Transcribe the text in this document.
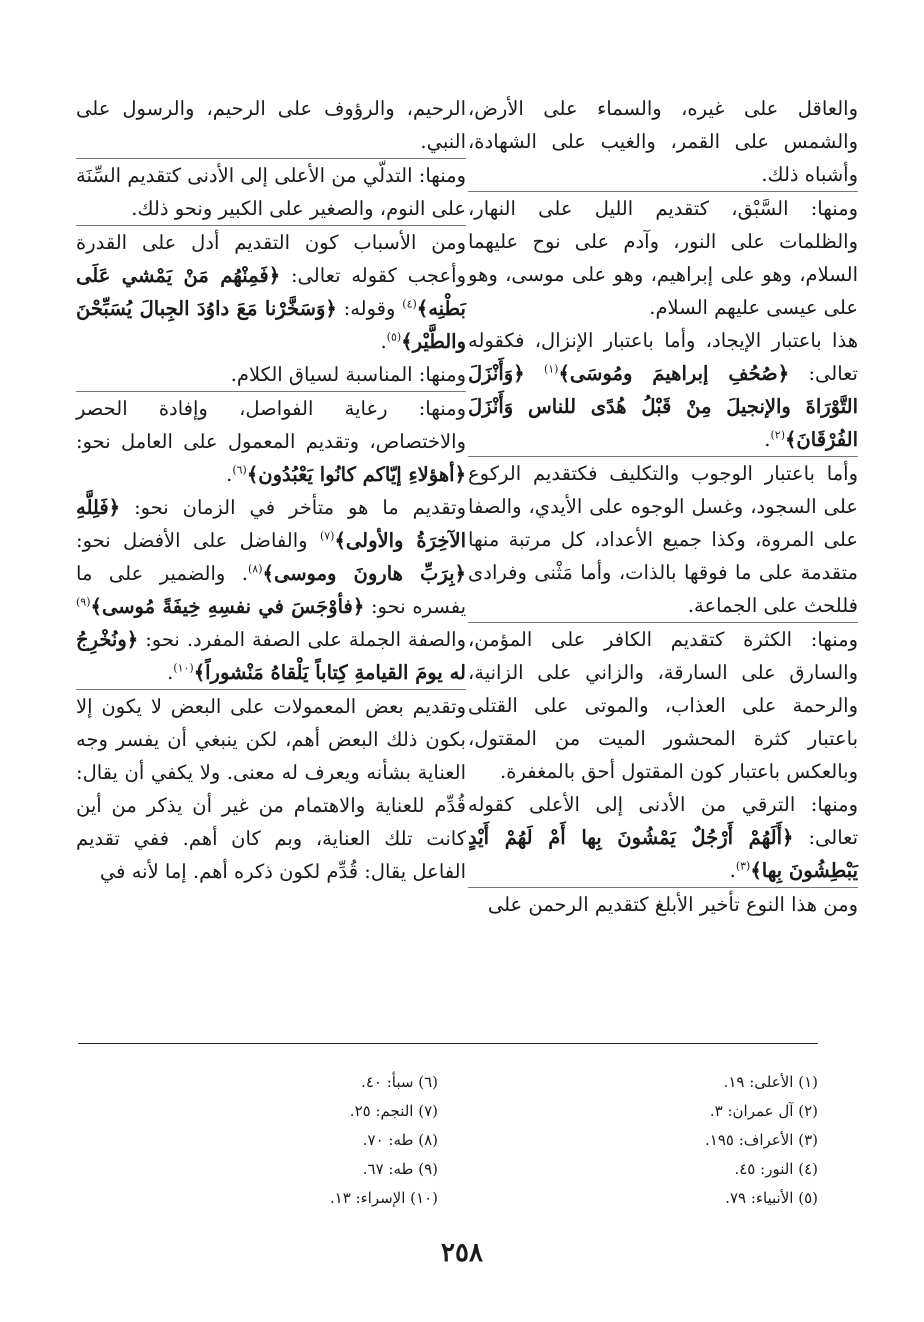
والعاقل على غيره، والسماء على الأرض، والشمس على القمر، والغيب على الشهادة، وأشباه ذلك.

ومنها: السَّبْق، كتقديم الليل على النهار، والظلمات على النور، وآدم على نوح عليهما السلام، وهو على إبراهيم، وهو على موسى، وهو على عيسى عليهم السلام.

هذا باعتبار الإيجاد، وأما باعتبار الإنزال، فكقوله تعالى: ﴿صُحُفِ إبراهيمَ ومُوسَى﴾$^{(١)}$ ﴿وَأَنْزَلَ التَّوْرَاةَ والإنجيلَ مِنْ قَبْلُ هُدًى للناس وَأَنْزَلَ الفُرْقَانَ﴾$^{(٢)}$.

وأما باعتبار الوجوب والتكليف فكتقديم الركوع على السجود، وغسل الوجوه على الأيدي، والصفا على المروة، وكذا جميع الأعداد، كل مرتبة منها متقدمة على ما فوقها بالذات، وأما مَثْنى وفرادى فللحث على الجماعة.

ومنها: الكثرة كتقديم الكافر على المؤمن، والسارق على السارقة، والزاني على الزانية، والرحمة على العذاب، والموتى على القتلى باعتبار كثرة المحشور الميت من المقتول، وبالعكس باعتبار كون المقتول أحق بالمغفرة.

ومنها: الترقي من الأدنى إلى الأعلى كقوله تعالى: ﴿أَلَهُمْ أَرْجُلٌ يَمْشُونَ بِها أَمْ لَهُمْ أَيْدٍ يَبْطِشُونَ بِها﴾$^{(٣)}$.

ومن هذا النوع تأخير الأبلغ كتقديم الرحمن على

الرحيم، والرؤوف على الرحيم، والرسول على النبي.

ومنها: التدلّي من الأعلى إلى الأدنى كتقديم السِّنَة على النوم، والصغير على الكبير ونحو ذلك.

ومن الأسباب كون التقديم أدل على القدرة وأعجب كقوله تعالى: ﴿فَمِنْهُم مَنْ يَمْشي عَلَى بَطْنِه﴾$^{(٤)}$ وقوله: ﴿وَسَخَّرْنا مَعَ داوُدَ الجِبالَ يُسَبِّحْنَ والطَّيْر﴾$^{(٥)}$.

ومنها: المناسبة لسياق الكلام.

ومنها: رعاية الفواصل، وإفادة الحصر والاختصاص، وتقديم المعمول على العامل نحو: ﴿أهؤلاءِ إيّاكم كانُوا يَعْبُدُون﴾$^{(٦)}$.

وتقديم ما هو متأخر في الزمان نحو: ﴿فَلِلَّهِ الآخِرَةُ والأولى﴾$^{(٧)}$ والفاضل على الأفضل نحو: ﴿بِرَبِّ هارونَ وموسى﴾$^{(٨)}$. والضمير على ما يفسره نحو: ﴿فأوْجَسَ في نفسِهِ خِيفَةً مُوسى﴾$^{(٩)}$ والصفة الجملة على الصفة المفرد. نحو: ﴿ونُخْرِجُ له يومَ القيامةِ كِتاباً يَلْقاهُ مَنْشوراً﴾$^{(١٠)}$.

وتقديم بعض المعمولات على البعض لا يكون إلا بكون ذلك البعض أهم، لكن ينبغي أن يفسر وجه العناية بشأنه ويعرف له معنى. ولا يكفي أن يقال: قُدِّم للعناية والاهتمام من غير أن يذكر من أين كانت تلك العناية، وبم كان أهم. ففي تقديم الفاعل يقال: قُدِّم لكون ذكره أهم. إما لأنه في

(١) الأعلى: ١٩.
(٢) آل عمران: ٣.
(٣) الأعراف: ١٩٥.
(٤) النور: ٤٥.
(٥) الأنبياء: ٧٩.
(٦) سبأ: ٤٠.
(٧) النجم: ٢٥.
(٨) طه: ٧٠.
(٩) طه: ٦٧.
(١٠) الإسراء: ١٣.
٢٥٨
